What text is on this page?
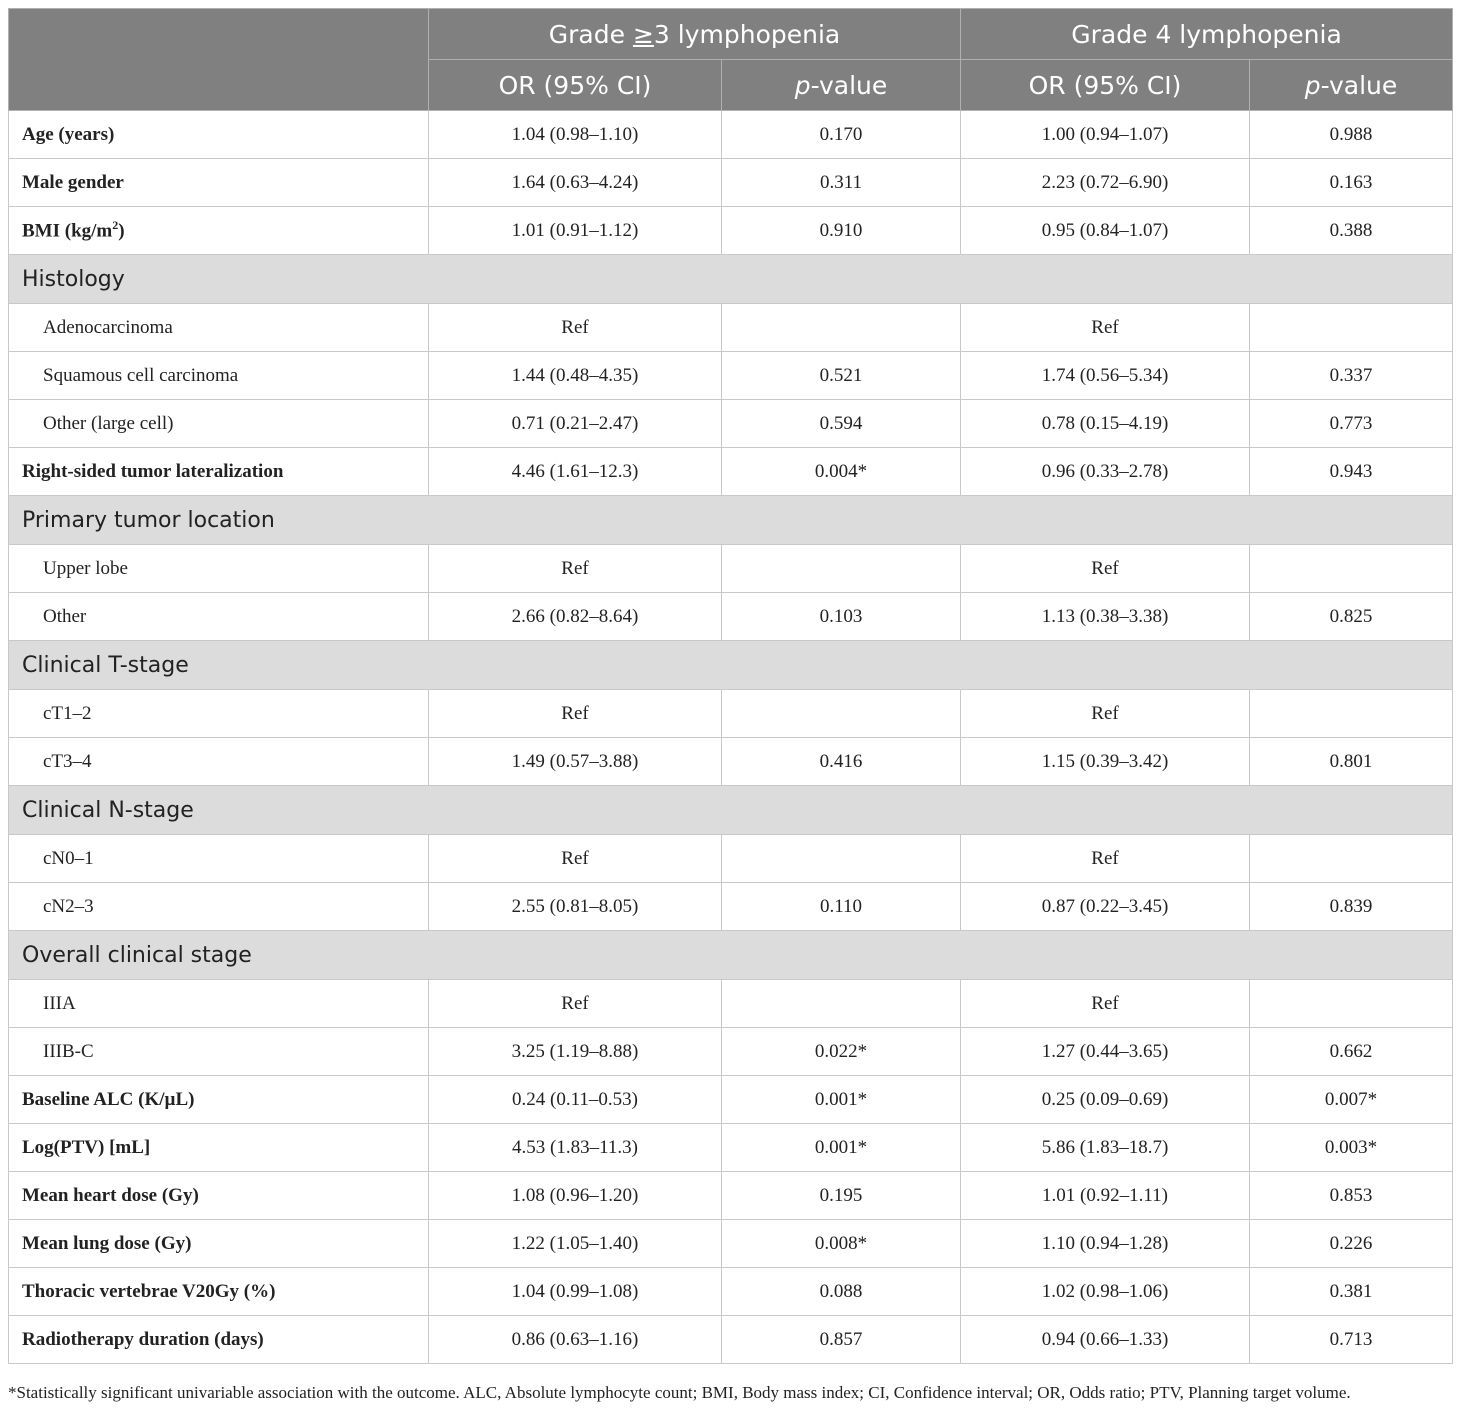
	Grade ≥3 lymphopenia		Grade 4 lymphopenia	
	OR (95% CI)	p-value	OR (95% CI)	p-value
Age (years)	1.04 (0.98–1.10)	0.170	1.00 (0.94–1.07)	0.988
Male gender	1.64 (0.63–4.24)	0.311	2.23 (0.72–6.90)	0.163
BMI $(kg/m^2)$	1.01 (0.91–1.12)	0.910	0.95 (0.84–1.07)	0.388
Histology				
Adenocarcinoma	Ref		Ref	
Squamous cell carcinoma	1.44 (0.48–4.35)	0.521	1.74 (0.56–5.34)	0.337
Other (large cell)	0.71 (0.21–2.47)	0.594	0.78 (0.15–4.19)	0.773
Right-sided tumor lateralization	4.46 (1.61–12.3)	0.004*	0.96 (0.33–2.78)	0.943
Primary tumor location				
Upper lobe	Ref		Ref	
Other	2.66 (0.82–8.64)	0.103	1.13 (0.38–3.38)	0.825
Clinical T-stage				
cT1–2	Ref		Ref	
cT3–4	1.49 (0.57–3.88)	0.416	1.15 (0.39–3.42)	0.801
Clinical N-stage				
cN0–1	Ref		Ref	
cN2–3	2.55 (0.81–8.05)	0.110	0.87 (0.22–3.45)	0.839
Overall clinical stage				
IIIA	Ref		Ref	
IIIB-C	3.25 (1.19–8.88)	0.022*	1.27 (0.44–3.65)	0.662
Baseline ALC (K/µL)	0.24 (0.11–0.53)	0.001*	0.25 (0.09–0.69)	0.007*
Log(PTV) [mL]	4.53 (1.83–11.3)	0.001*	5.86 (1.83–18.7)	0.003*
Mean heart dose (Gy)	1.08 (0.96–1.20)	0.195	1.01 (0.92–1.11)	0.853
Mean lung dose (Gy)	1.22 (1.05–1.40)	0.008*	1.10 (0.94–1.28)	0.226
Thoracic vertebrae V20Gy (%)	1.04 (0.99–1.08)	0.088	1.02 (0.98–1.06)	0.381
Radiotherapy duration (days)	0.86 (0.63–1.16)	0.857	0.94 (0.66–1.33)	0.713
*Statistically significant univariable association with the outcome. ALC, Absolute lymphocyte count; BMI, Body mass index; CI, Confidence interval; OR, Odds ratio; PTV, Planning target volume.
